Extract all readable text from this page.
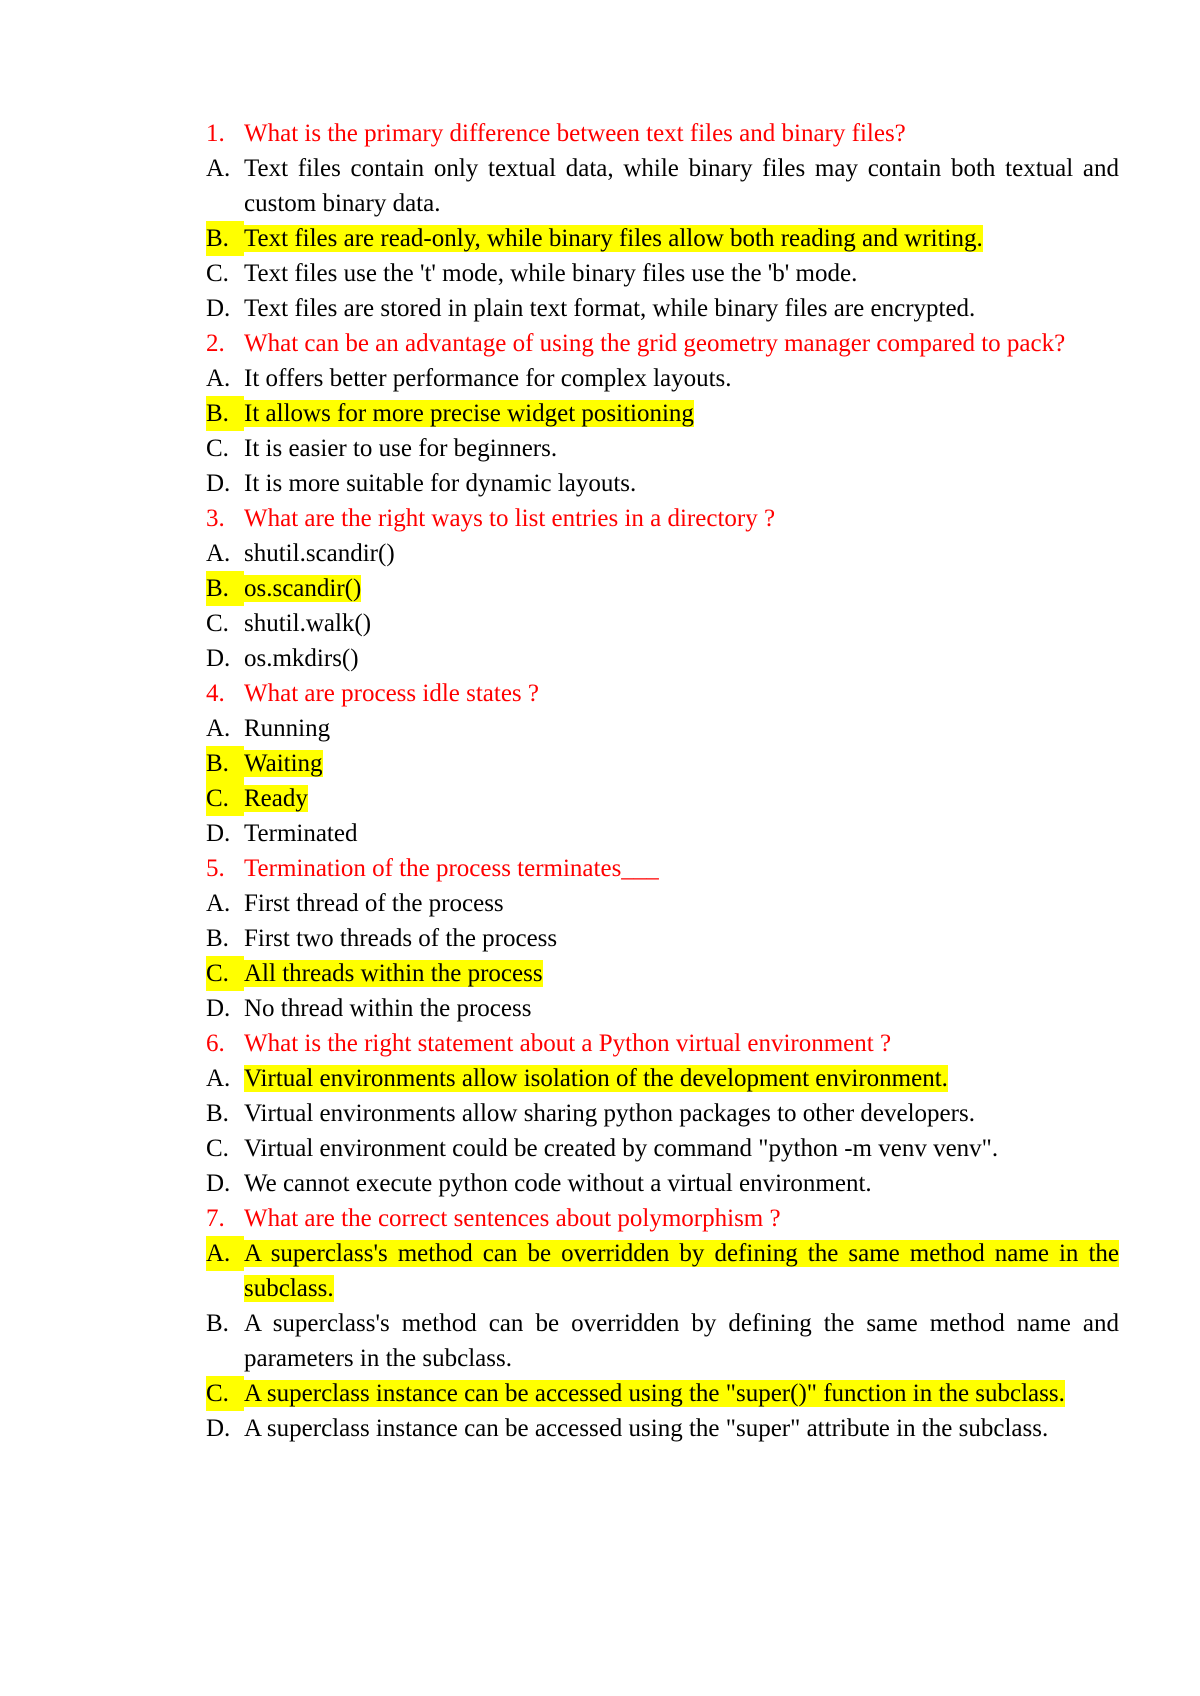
1. What is the primary difference between text files and binary files?
A. Text files contain only textual data, while binary files may contain both textual and custom binary data.
B. Text files are read-only, while binary files allow both reading and writing.
C. Text files use the 't' mode, while binary files use the 'b' mode.
D. Text files are stored in plain text format, while binary files are encrypted.
2. What can be an advantage of using the grid geometry manager compared to pack?
A. It offers better performance for complex layouts.
B. It allows for more precise widget positioning
C. It is easier to use for beginners.
D. It is more suitable for dynamic layouts.
3. What are the right ways to list entries in a directory ?
A. shutil.scandir()
B. os.scandir()
C. shutil.walk()
D. os.mkdirs()
4. What are process idle states ?
A. Running
B. Waiting
C. Ready
D. Terminated
5. Termination of the process terminates___
A. First thread of the process
B. First two threads of the process
C. All threads within the process
D. No thread within the process
6. What is the right statement about a Python virtual environment ?
A. Virtual environments allow isolation of the development environment.
B. Virtual environments allow sharing python packages to other developers.
C. Virtual environment could be created by command "python -m venv venv".
D. We cannot execute python code without a virtual environment.
7. What are the correct sentences about polymorphism ?
A. A superclass's method can be overridden by defining the same method name in the subclass.
B. A superclass's method can be overridden by defining the same method name and parameters in the subclass.
C. A superclass instance can be accessed using the "super()" function in the subclass.
D. A superclass instance can be accessed using the "super" attribute in the subclass.
